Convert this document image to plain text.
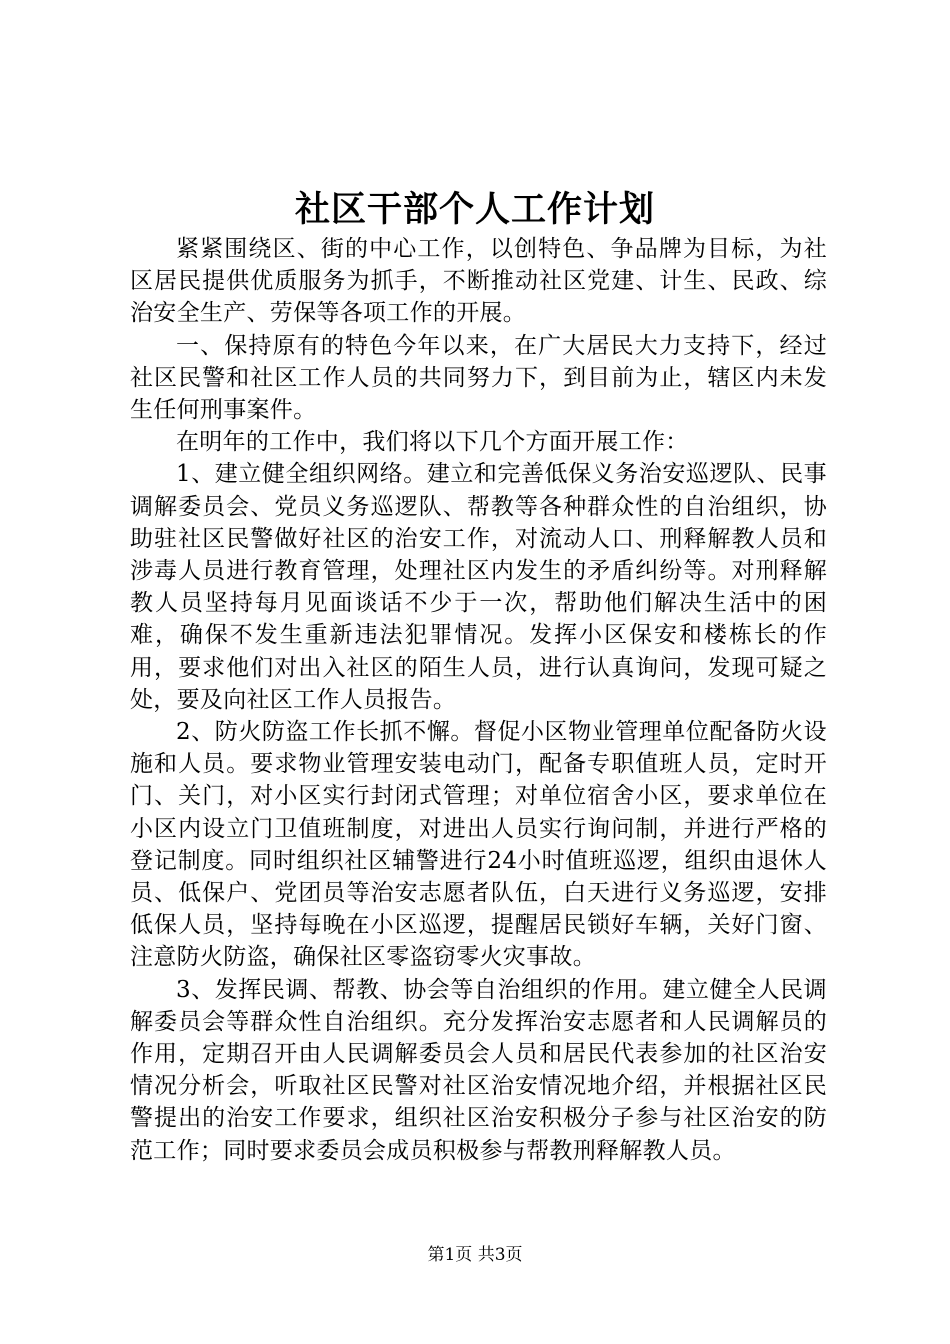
社区干部个人工作计划

紧紧围绕区、街的中心工作，以创特色、争品牌为目标，为社区居民提供优质服务为抓手，不断推动社区党建、计生、民政、综治安全生产、劳保等各项工作的开展。

一、保持原有的特色今年以来，在广大居民大力支持下，经过社区民警和社区工作人员的共同努力下，到目前为止，辖区内未发生任何刑事案件。

在明年的工作中，我们将以下几个方面开展工作：

1、建立健全组织网络。建立和完善低保义务治安巡逻队、民事调解委员会、党员义务巡逻队、帮教等各种群众性的自治组织，协助驻社区民警做好社区的治安工作，对流动人口、刑释解教人员和涉毒人员进行教育管理，处理社区内发生的矛盾纠纷等。对刑释解教人员坚持每月见面谈话不少于一次，帮助他们解决生活中的困难，确保不发生重新违法犯罪情况。发挥小区保安和楼栋长的作用，要求他们对出入社区的陌生人员，进行认真询问，发现可疑之处，要及向社区工作人员报告。

2、防火防盗工作长抓不懈。督促小区物业管理单位配备防火设施和人员。要求物业管理安装电动门，配备专职值班人员，定时开门、关门，对小区实行封闭式管理；对单位宿舍小区，要求单位在小区内设立门卫值班制度，对进出人员实行询问制，并进行严格的登记制度。同时组织社区辅警进行24小时值班巡逻，组织由退休人员、低保户、党团员等治安志愿者队伍，白天进行义务巡逻，安排低保人员，坚持每晚在小区巡逻，提醒居民锁好车辆，关好门窗、注意防火防盗，确保社区零盗窃零火灾事故。

3、发挥民调、帮教、协会等自治组织的作用。建立健全人民调解委员会等群众性自治组织。充分发挥治安志愿者和人民调解员的作用，定期召开由人民调解委员会人员和居民代表参加的社区治安情况分析会，听取社区民警对社区治安情况地介绍，并根据社区民警提出的治安工作要求，组织社区治安积极分子参与社区治安的防范工作；同时要求委员会成员积极参与帮教刑释解教人员。

第1页 共3页
